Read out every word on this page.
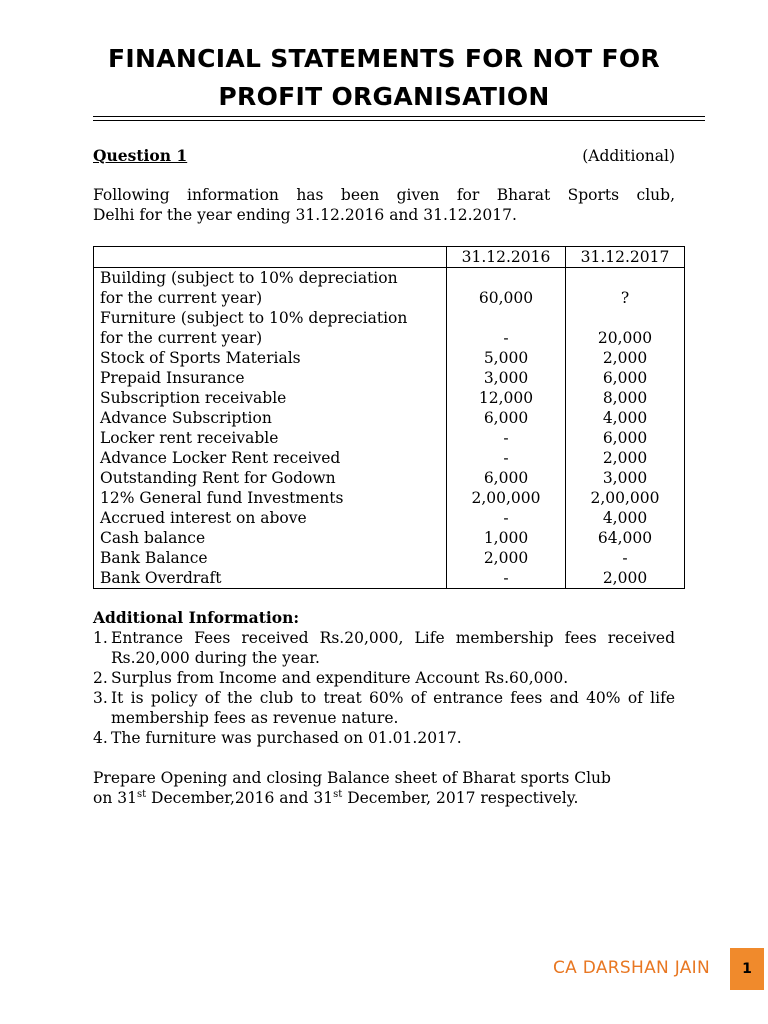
FINANCIAL STATEMENTS FOR NOT FOR
PROFIT ORGANISATION
Question 1	(Additional)
Following information has been given for Bharat Sports club,
Delhi for the year ending 31.12.2016 and 31.12.2017.
	31.12.2016	31.12.2017
Building (subject to 10% depreciation		
for the current year)	60,000	?
Furniture (subject to 10% depreciation		
for the current year)	-	20,000
Stock of Sports Materials	5,000	2,000
Prepaid Insurance	3,000	6,000
Subscription receivable	12,000	8,000
Advance Subscription	6,000	4,000
Locker rent receivable	-	6,000
Advance Locker Rent received	-	2,000
Outstanding Rent for Godown	6,000	3,000
12% General fund Investments	2,00,000	2,00,000
Accrued interest on above	-	4,000
Cash balance	1,000	64,000
Bank Balance	2,000	-
Bank Overdraft	-	2,000
Additional Information:
1. Entrance Fees received Rs.20,000, Life membership fees received Rs.20,000 during the year.
2. Surplus from Income and expenditure Account Rs.60,000.
3. It is policy of the club to treat 60% of entrance fees and 40% of life membership fees as revenue nature.
4. The furniture was purchased on 01.01.2017.
Prepare Opening and closing Balance sheet of Bharat sports Club
on 31st December,2016 and 31st December, 2017 respectively.
CA DARSHAN JAIN	1
